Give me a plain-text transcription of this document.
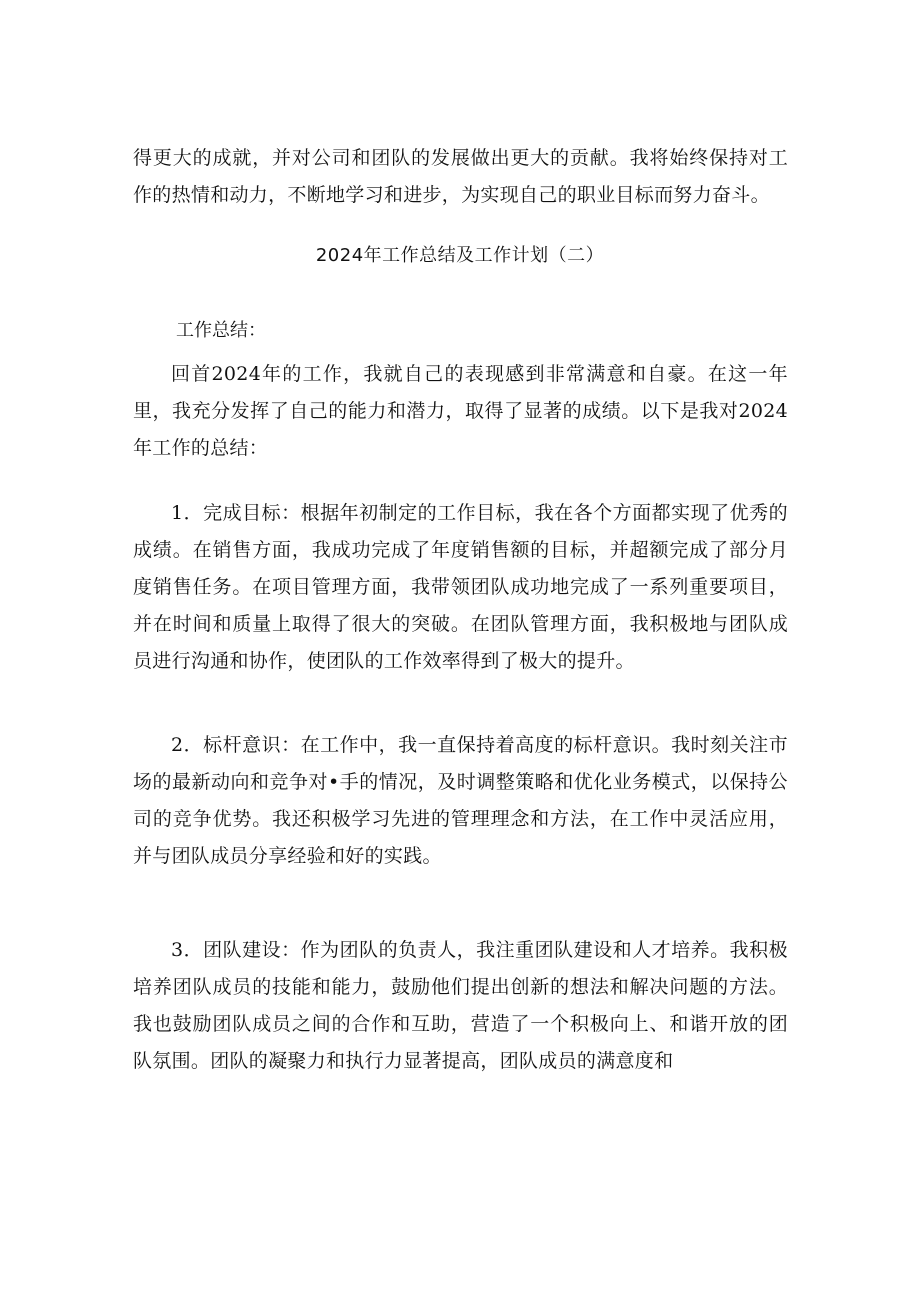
得更大的成就，并对公司和团队的发展做出更大的贡献。我将始终保持对工作的热情和动力，不断地学习和进步，为实现自己的职业目标而努力奋斗。

2024年工作总结及工作计划（二）

工作总结：

回首2024年的工作，我就自己的表现感到非常满意和自豪。在这一年里，我充分发挥了自己的能力和潜力，取得了显著的成绩。以下是我对2024年工作的总结：

1．完成目标：根据年初制定的工作目标，我在各个方面都实现了优秀的成绩。在销售方面，我成功完成了年度销售额的目标，并超额完成了部分月度销售任务。在项目管理方面，我带领团队成功地完成了一系列重要项目，并在时间和质量上取得了很大的突破。在团队管理方面，我积极地与团队成员进行沟通和协作，使团队的工作效率得到了极大的提升。

2．标杆意识：在工作中，我一直保持着高度的标杆意识。我时刻关注市场的最新动向和竞争对•手的情况，及时调整策略和优化业务模式，以保持公司的竞争优势。我还积极学习先进的管理理念和方法，在工作中灵活应用，并与团队成员分享经验和好的实践。

3．团队建设：作为团队的负责人，我注重团队建设和人才培养。我积极培养团队成员的技能和能力，鼓励他们提出创新的想法和解决问题的方法。我也鼓励团队成员之间的合作和互助，营造了一个积极向上、和谐开放的团队氛围。团队的凝聚力和执行力显著提高，团队成员的满意度和
